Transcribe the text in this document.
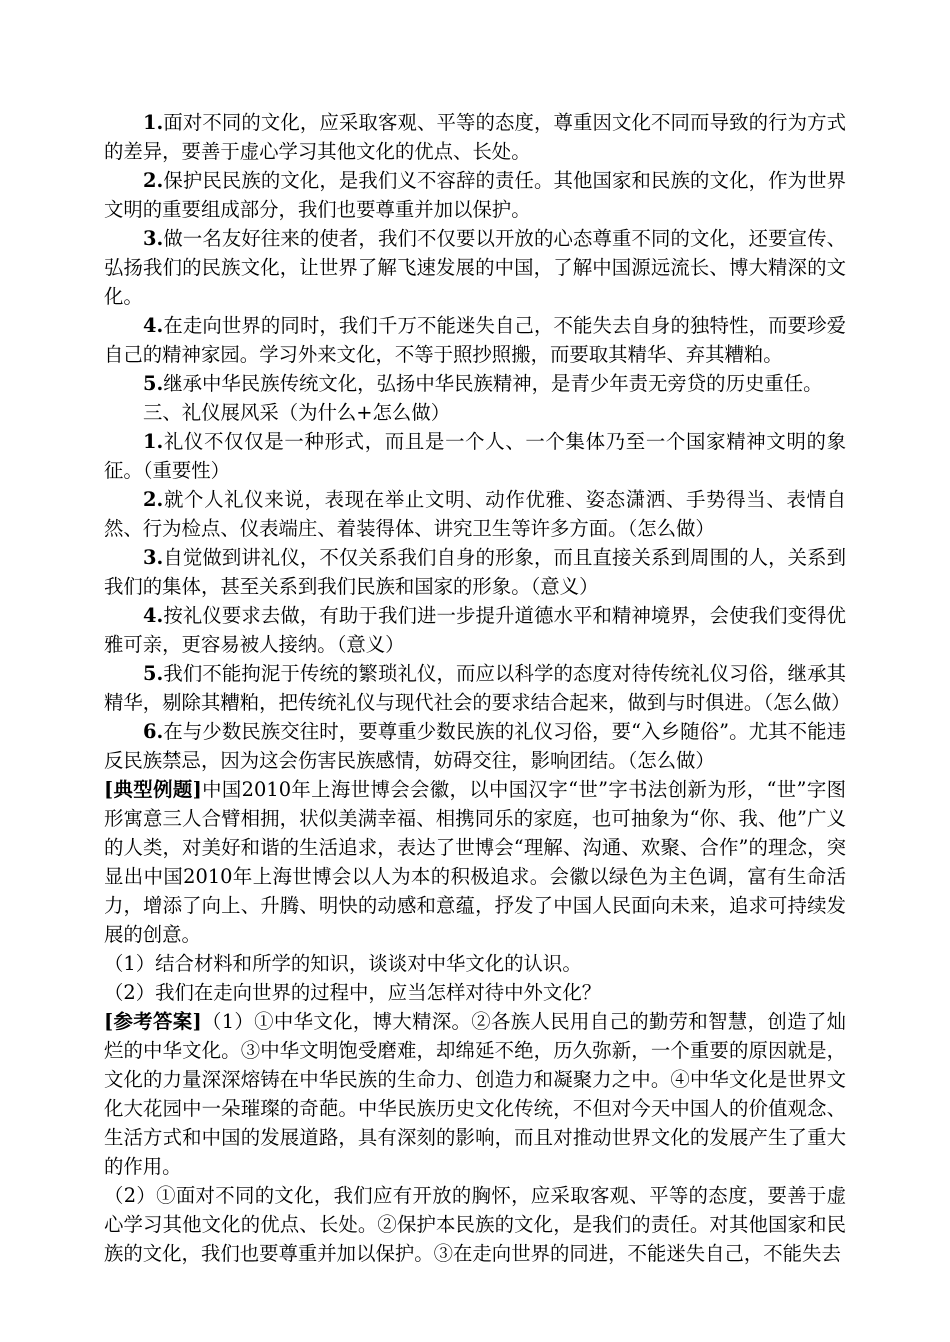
1.面对不同的文化，应采取客观、平等的态度，尊重因文化不同而导致的行为方式的差异，要善于虚心学习其他文化的优点、长处。

2.保护民民族的文化，是我们义不容辞的责任。其他国家和民族的文化，作为世界文明的重要组成部分，我们也要尊重并加以保护。

3.做一名友好往来的使者，我们不仅要以开放的心态尊重不同的文化，还要宣传、弘扬我们的民族文化，让世界了解飞速发展的中国，了解中国源远流长、博大精深的文化。

4.在走向世界的同时，我们千万不能迷失自己，不能失去自身的独特性，而要珍爱自己的精神家园。学习外来文化，不等于照抄照搬，而要取其精华、弃其糟粕。

5.继承中华民族传统文化，弘扬中华民族精神，是青少年责无旁贷的历史重任。

三、礼仪展风采（为什么+怎么做）

1.礼仪不仅仅是一种形式，而且是一个人、一个集体乃至一个国家精神文明的象征。（重要性）

2.就个人礼仪来说，表现在举止文明、动作优雅、姿态潇洒、手势得当、表情自然、行为检点、仪表端庄、着装得体、讲究卫生等许多方面。（怎么做）

3.自觉做到讲礼仪，不仅关系我们自身的形象，而且直接关系到周围的人，关系到我们的集体，甚至关系到我们民族和国家的形象。（意义）

4.按礼仪要求去做，有助于我们进一步提升道德水平和精神境界，会使我们变得优雅可亲，更容易被人接纳。（意义）

5.我们不能拘泥于传统的繁琐礼仪，而应以科学的态度对待传统礼仪习俗，继承其精华，剔除其糟粕，把传统礼仪与现代社会的要求结合起来，做到与时俱进。（怎么做）

6.在与少数民族交往时，要尊重少数民族的礼仪习俗，要“入乡随俗”。尤其不能违反民族禁忌，因为这会伤害民族感情，妨碍交往，影响团结。（怎么做）

[典型例题]中国2010年上海世博会会徽，以中国汉字“世”字书法创新为形，“世”字图形寓意三人合臂相拥，状似美满幸福、相携同乐的家庭，也可抽象为“你、我、他”广义的人类，对美好和谐的生活追求，表达了世博会“理解、沟通、欢聚、合作”的理念，突显出中国2010年上海世博会以人为本的积极追求。会徽以绿色为主色调，富有生命活力，增添了向上、升腾、明快的动感和意蕴，抒发了中国人民面向未来，追求可持续发展的创意。

（1）结合材料和所学的知识，谈谈对中华文化的认识。

（2）我们在走向世界的过程中，应当怎样对待中外文化？

[参考答案]（1）①中华文化，博大精深。②各族人民用自己的勤劳和智慧，创造了灿烂的中华文化。③中华文明饱受磨难，却绵延不绝，历久弥新，一个重要的原因就是，文化的力量深深熔铸在中华民族的生命力、创造力和凝聚力之中。④中华文化是世界文化大花园中一朵璀璨的奇葩。中华民族历史文化传统，不但对今天中国人的价值观念、生活方式和中国的发展道路，具有深刻的影响，而且对推动世界文化的发展产生了重大的作用。

（2）①面对不同的文化，我们应有开放的胸怀，应采取客观、平等的态度，要善于虚心学习其他文化的优点、长处。②保护本民族的文化，是我们的责任。对其他国家和民族的文化，我们也要尊重并加以保护。③在走向世界的同进，不能迷失自己，不能失去
